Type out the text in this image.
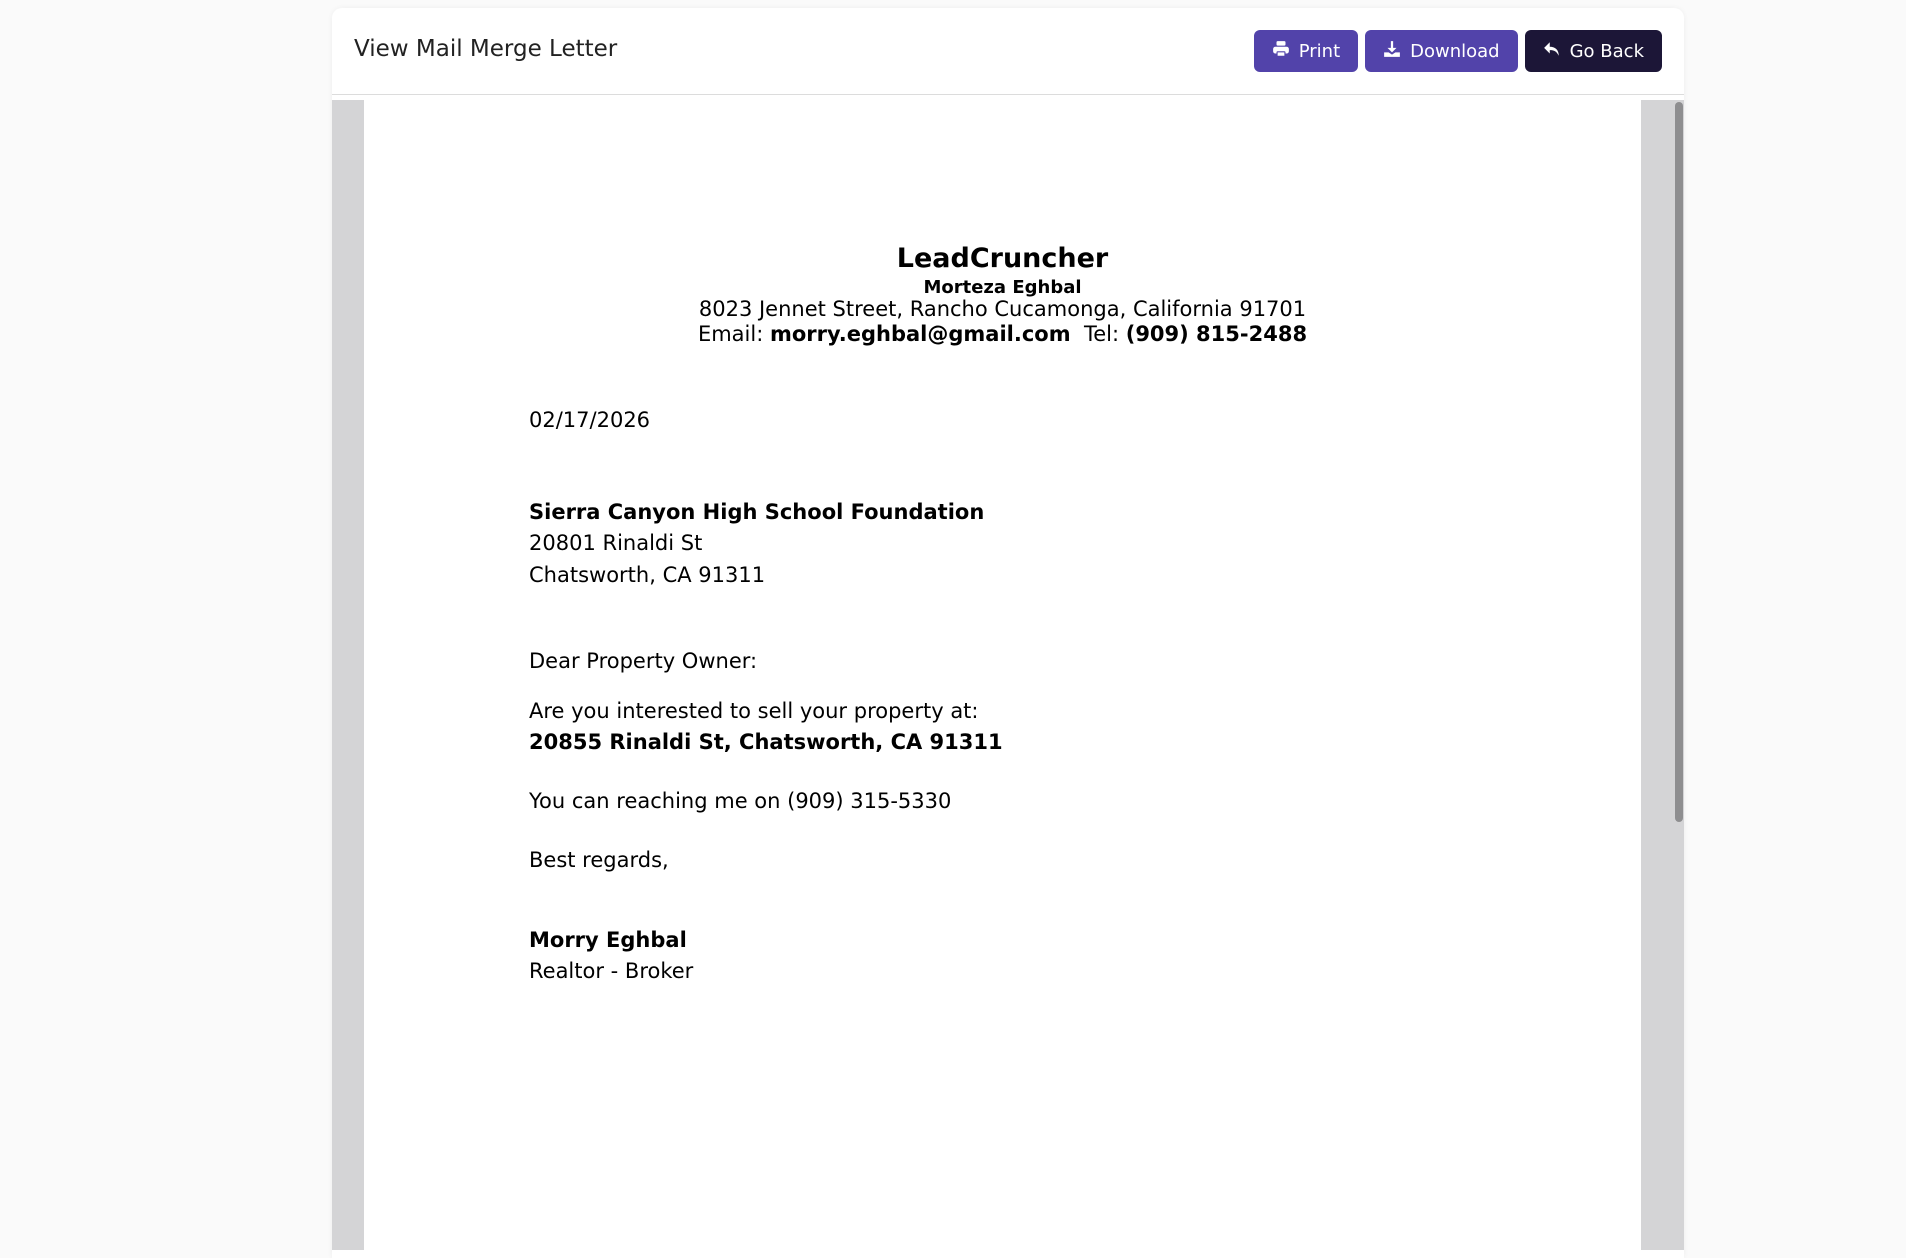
View Mail Merge Letter	Print	Download	Go Back
LeadCruncher
Morteza Eghbal
8023 Jennet Street, Rancho Cucamonga, California 91701
Email: morry.eghbal@gmail.com Tel: (909) 815-2488
02/17/2026
Sierra Canyon High School Foundation
20801 Rinaldi St
Chatsworth, CA 91311
Dear Property Owner:
Are you interested to sell your property at:
20855 Rinaldi St, Chatsworth, CA 91311
You can reaching me on (909) 315-5330
Best regards,
Morry Eghbal
Realtor - Broker
